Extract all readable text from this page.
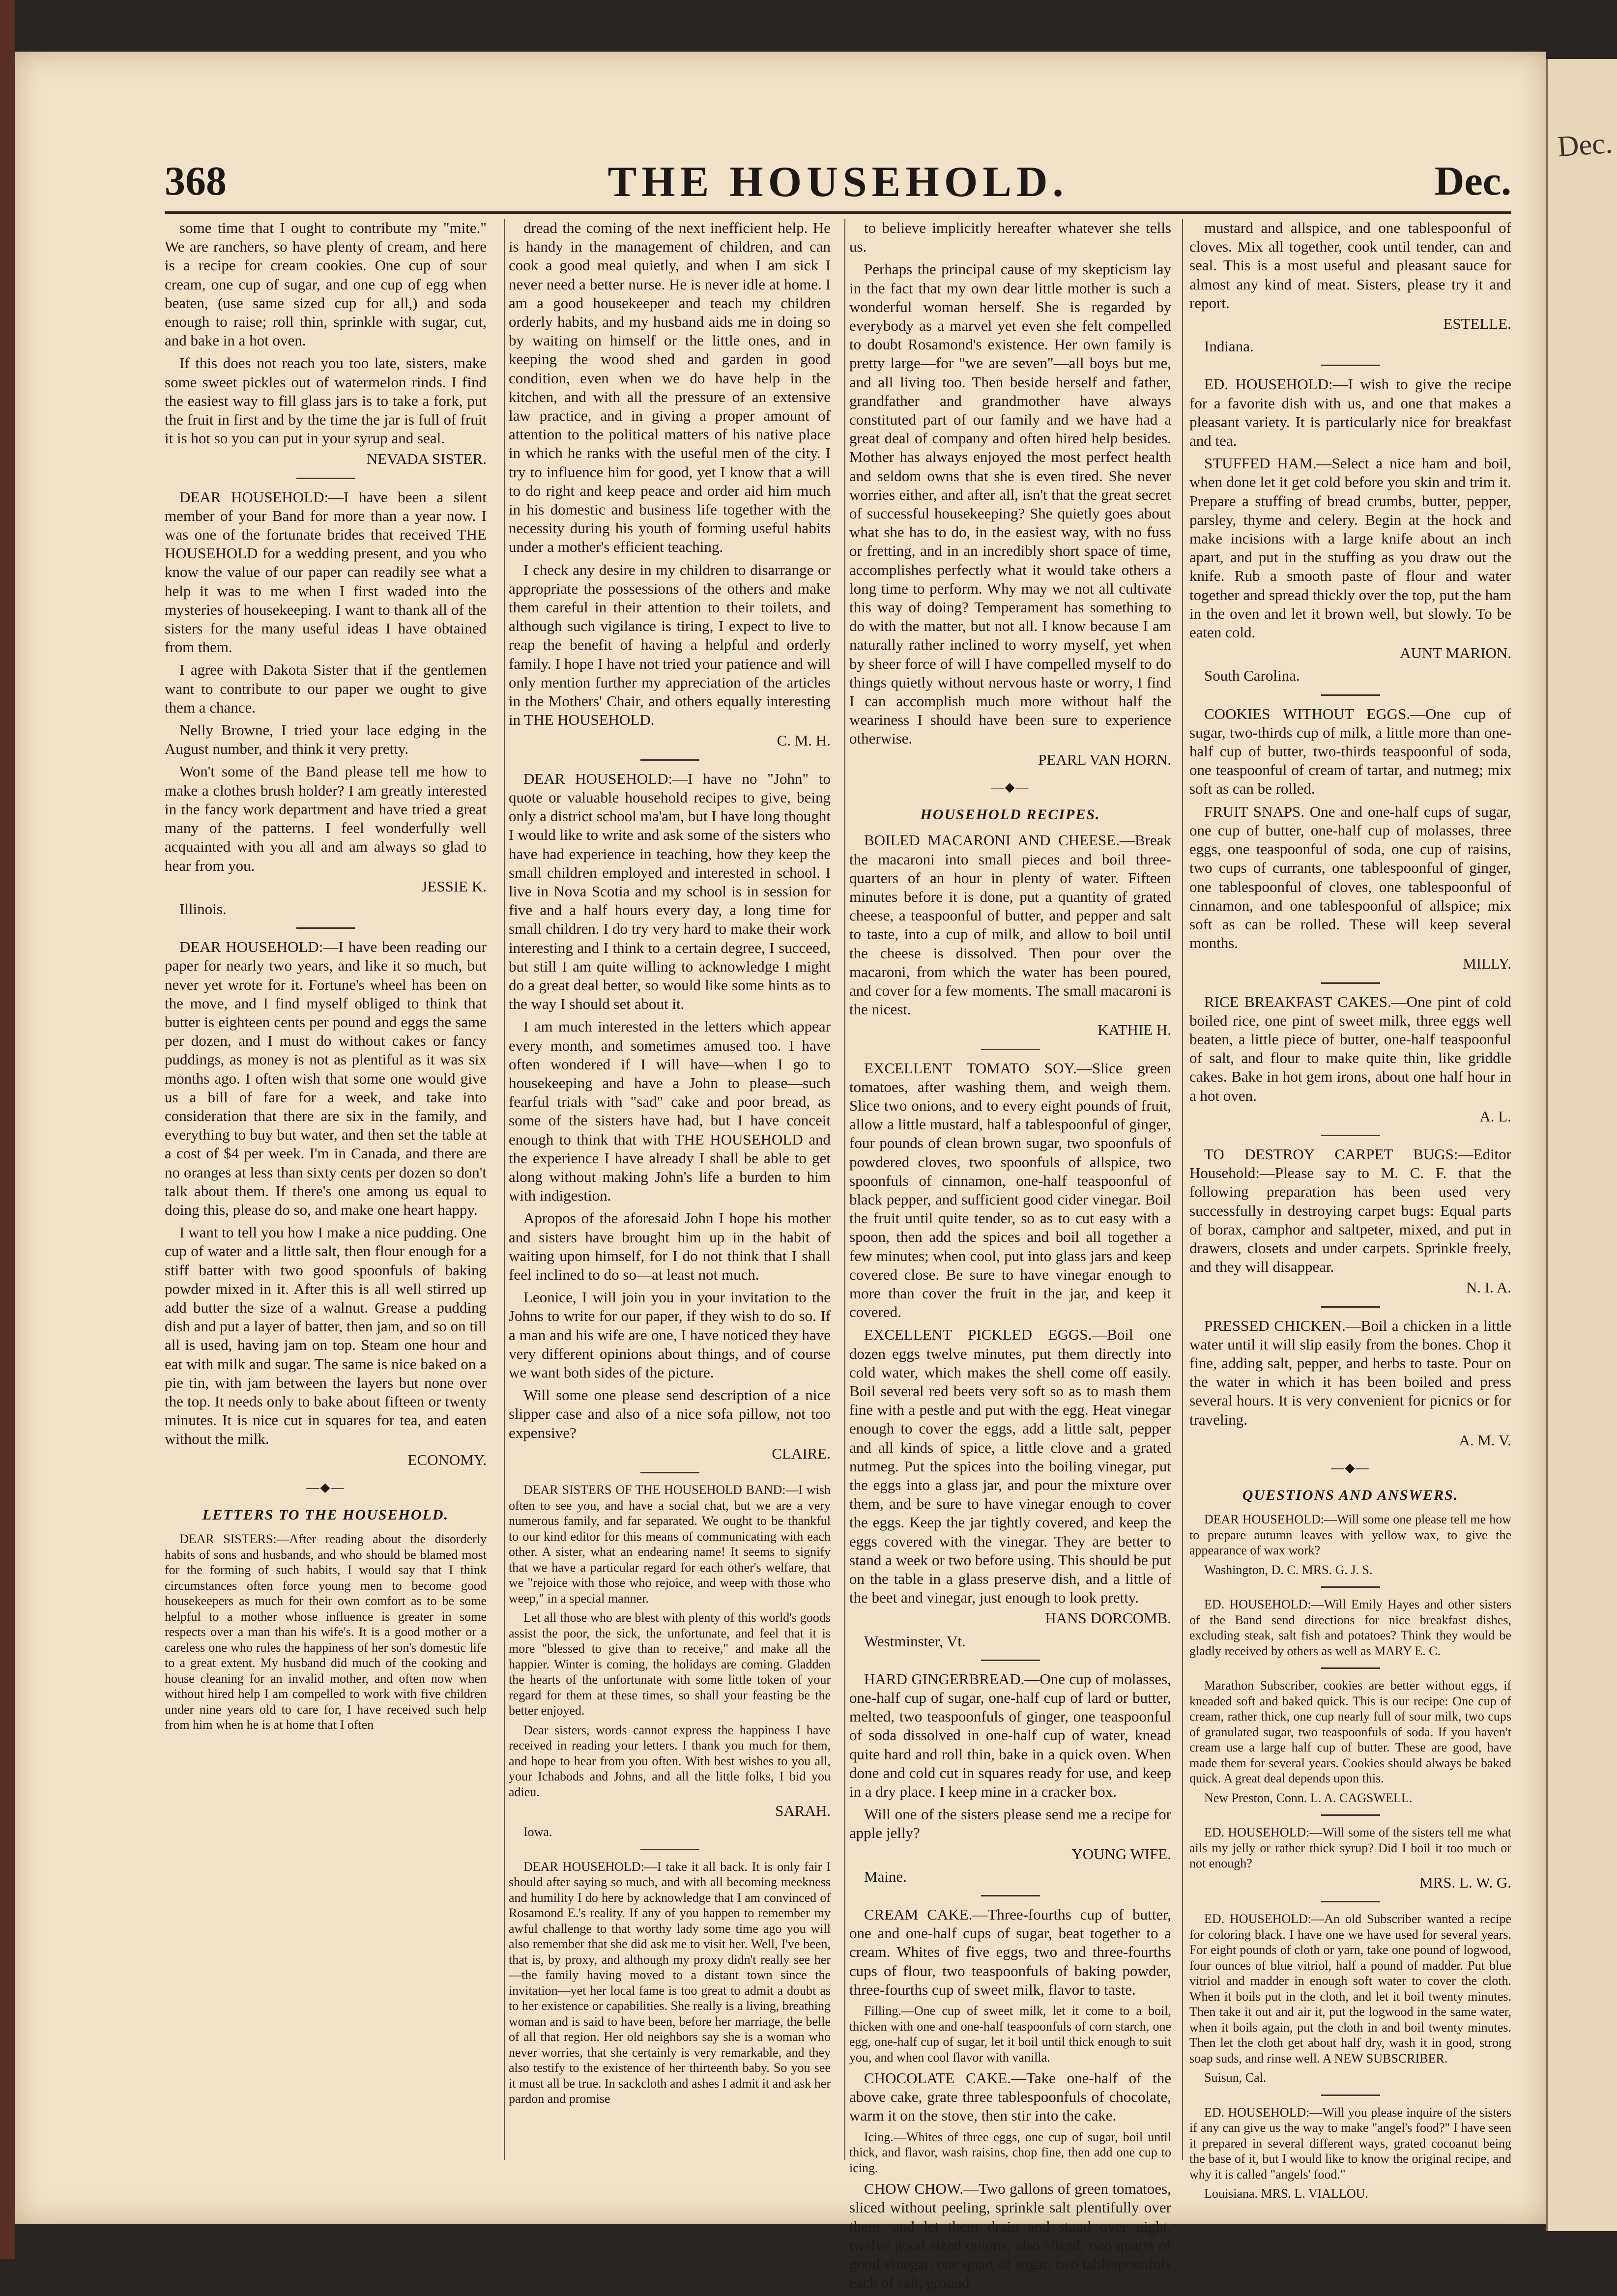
Dec.
368	THE HOUSEHOLD.	Dec.

some time that I ought to contribute my "mite." We are ranchers, so have plenty of cream, and here is a recipe for cream cookies. One cup of sour cream, one cup of sugar, and one cup of egg when beaten, (use same sized cup for all,) and soda enough to raise; roll thin, sprinkle with sugar, cut, and bake in a hot oven.

If this does not reach you too late, sisters, make some sweet pickles out of watermelon rinds. I find the easiest way to fill glass jars is to take a fork, put the fruit in first and by the time the jar is full of fruit it is hot so you can put in your syrup and seal.

NEVADA SISTER.

DEAR HOUSEHOLD:—I have been a silent member of your Band for more than a year now. I was one of the fortunate brides that received THE HOUSEHOLD for a wedding present, and you who know the value of our paper can readily see what a help it was to me when I first waded into the mysteries of housekeeping. I want to thank all of the sisters for the many useful ideas I have obtained from them.

I agree with Dakota Sister that if the gentlemen want to contribute to our paper we ought to give them a chance.

Nelly Browne, I tried your lace edging in the August number, and think it very pretty.

Won't some of the Band please tell me how to make a clothes brush holder? I am greatly interested in the fancy work department and have tried a great many of the patterns. I feel wonderfully well acquainted with you all and am always so glad to hear from you.

JESSIE K.

Illinois.

DEAR HOUSEHOLD:—I have been reading our paper for nearly two years, and like it so much, but never yet wrote for it. Fortune's wheel has been on the move, and I find myself obliged to think that butter is eighteen cents per pound and eggs the same per dozen, and I must do without cakes or fancy puddings, as money is not as plentiful as it was six months ago. I often wish that some one would give us a bill of fare for a week, and take into consideration that there are six in the family, and everything to buy but water, and then set the table at a cost of $4 per week. I'm in Canada, and there are no oranges at less than sixty cents per dozen so don't talk about them. If there's one among us equal to doing this, please do so, and make one heart happy.

I want to tell you how I make a nice pudding. One cup of water and a little salt, then flour enough for a stiff batter with two good spoonfuls of baking powder mixed in it. After this is all well stirred up add butter the size of a walnut. Grease a pudding dish and put a layer of batter, then jam, and so on till all is used, having jam on top. Steam one hour and eat with milk and sugar. The same is nice baked on a pie tin, with jam between the layers but none over the top. It needs only to bake about fifteen or twenty minutes. It is nice cut in squares for tea, and eaten without the milk.

ECONOMY.

—◆—
LETTERS TO THE HOUSEHOLD.

DEAR SISTERS:—After reading about the disorderly habits of sons and husbands, and who should be blamed most for the forming of such habits, I would say that I think circumstances often force young men to become good housekeepers as much for their own comfort as to be some helpful to a mother whose influence is greater in some respects over a man than his wife's. It is a good mother or a careless one who rules the happiness of her son's domestic life to a great extent. My husband did much of the cooking and house cleaning for an invalid mother, and often now when without hired help I am compelled to work with five children under nine years old to care for, I have received such help from him when he is at home that I often

dread the coming of the next inefficient help. He is handy in the management of children, and can cook a good meal quietly, and when I am sick I never need a better nurse. He is never idle at home. I am a good housekeeper and teach my children orderly habits, and my husband aids me in doing so by waiting on himself or the little ones, and in keeping the wood shed and garden in good condition, even when we do have help in the kitchen, and with all the pressure of an extensive law practice, and in giving a proper amount of attention to the political matters of his native place in which he ranks with the useful men of the city. I try to influence him for good, yet I know that a will to do right and keep peace and order aid him much in his domestic and business life together with the necessity during his youth of forming useful habits under a mother's efficient teaching.

I check any desire in my children to disarrange or appropriate the possessions of the others and make them careful in their attention to their toilets, and although such vigilance is tiring, I expect to live to reap the benefit of having a helpful and orderly family. I hope I have not tried your patience and will only mention further my appreciation of the articles in the Mothers' Chair, and others equally interesting in THE HOUSEHOLD.

C. M. H.

DEAR HOUSEHOLD:—I have no "John" to quote or valuable household recipes to give, being only a district school ma'am, but I have long thought I would like to write and ask some of the sisters who have had experience in teaching, how they keep the small children employed and interested in school. I live in Nova Scotia and my school is in session for five and a half hours every day, a long time for small children. I do try very hard to make their work interesting and I think to a certain degree, I succeed, but still I am quite willing to acknowledge I might do a great deal better, so would like some hints as to the way I should set about it.

I am much interested in the letters which appear every month, and sometimes amused too. I have often wondered if I will have—when I go to housekeeping and have a John to please—such fearful trials with "sad" cake and poor bread, as some of the sisters have had, but I have conceit enough to think that with THE HOUSEHOLD and the experience I have already I shall be able to get along without making John's life a burden to him with indigestion.

Apropos of the aforesaid John I hope his mother and sisters have brought him up in the habit of waiting upon himself, for I do not think that I shall feel inclined to do so—at least not much.

Leonice, I will join you in your invitation to the Johns to write for our paper, if they wish to do so. If a man and his wife are one, I have noticed they have very different opinions about things, and of course we want both sides of the picture.

Will some one please send description of a nice slipper case and also of a nice sofa pillow, not too expensive?

CLAIRE.

DEAR SISTERS OF THE HOUSEHOLD BAND:—I wish often to see you, and have a social chat, but we are a very numerous family, and far separated. We ought to be thankful to our kind editor for this means of communicating with each other. A sister, what an endearing name! It seems to signify that we have a particular regard for each other's welfare, that we "rejoice with those who rejoice, and weep with those who weep," in a special manner.

Let all those who are blest with plenty of this world's goods assist the poor, the sick, the unfortunate, and feel that it is more "blessed to give than to receive," and make all the happier. Winter is coming, the holidays are coming. Gladden the hearts of the unfortunate with some little token of your regard for them at these times, so shall your feasting be the better enjoyed.

Dear sisters, words cannot express the happiness I have received in reading your letters. I thank you much for them, and hope to hear from you often. With best wishes to you all, your Ichabods and Johns, and all the little folks, I bid you adieu.

SARAH.

Iowa.

DEAR HOUSEHOLD:—I take it all back. It is only fair I should after saying so much, and with all becoming meekness and humility I do here by acknowledge that I am convinced of Rosamond E.'s reality. If any of you happen to remember my awful challenge to that worthy lady some time ago you will also remember that she did ask me to visit her. Well, I've been, that is, by proxy, and although my proxy didn't really see her—the family having moved to a distant town since the invitation—yet her local fame is too great to admit a doubt as to her existence or capabilities. She really is a living, breathing woman and is said to have been, before her marriage, the belle of all that region. Her old neighbors say she is a woman who never worries, that she certainly is very remarkable, and they also testify to the existence of her thirteenth baby. So you see it must all be true. In sackcloth and ashes I admit it and ask her pardon and promise

to believe implicitly hereafter whatever she tells us.

Perhaps the principal cause of my skepticism lay in the fact that my own dear little mother is such a wonderful woman herself. She is regarded by everybody as a marvel yet even she felt compelled to doubt Rosamond's existence. Her own family is pretty large—for "we are seven"—all boys but me, and all living too. Then beside herself and father, grandfather and grandmother have always constituted part of our family and we have had a great deal of company and often hired help besides. Mother has always enjoyed the most perfect health and seldom owns that she is even tired. She never worries either, and after all, isn't that the great secret of successful housekeeping? She quietly goes about what she has to do, in the easiest way, with no fuss or fretting, and in an incredibly short space of time, accomplishes perfectly what it would take others a long time to perform. Why may we not all cultivate this way of doing? Temperament has something to do with the matter, but not all. I know because I am naturally rather inclined to worry myself, yet when by sheer force of will I have compelled myself to do things quietly without nervous haste or worry, I find I can accomplish much more without half the weariness I should have been sure to experience otherwise.

PEARL VAN HORN.

—◆—
HOUSEHOLD RECIPES.

BOILED MACARONI AND CHEESE.—Break the macaroni into small pieces and boil three-quarters of an hour in plenty of water. Fifteen minutes before it is done, put a quantity of grated cheese, a teaspoonful of butter, and pepper and salt to taste, into a cup of milk, and allow to boil until the cheese is dissolved. Then pour over the macaroni, from which the water has been poured, and cover for a few moments. The small macaroni is the nicest.

KATHIE H.

EXCELLENT TOMATO SOY.—Slice green tomatoes, after washing them, and weigh them. Slice two onions, and to every eight pounds of fruit, allow a little mustard, half a tablespoonful of ginger, four pounds of clean brown sugar, two spoonfuls of powdered cloves, two spoonfuls of allspice, two spoonfuls of cinnamon, one-half teaspoonful of black pepper, and sufficient good cider vinegar. Boil the fruit until quite tender, so as to cut easy with a spoon, then add the spices and boil all together a few minutes; when cool, put into glass jars and keep covered close. Be sure to have vinegar enough to more than cover the fruit in the jar, and keep it covered.

EXCELLENT PICKLED EGGS.—Boil one dozen eggs twelve minutes, put them directly into cold water, which makes the shell come off easily. Boil several red beets very soft so as to mash them fine with a pestle and put with the egg. Heat vinegar enough to cover the eggs, add a little salt, pepper and all kinds of spice, a little clove and a grated nutmeg. Put the spices into the boiling vinegar, put the eggs into a glass jar, and pour the mixture over them, and be sure to have vinegar enough to cover the eggs. Keep the jar tightly covered, and keep the eggs covered with the vinegar. They are better to stand a week or two before using. This should be put on the table in a glass preserve dish, and a little of the beet and vinegar, just enough to look pretty.

HANS DORCOMB.

Westminster, Vt.

HARD GINGERBREAD.—One cup of molasses, one-half cup of sugar, one-half cup of lard or butter, melted, two teaspoonfuls of ginger, one teaspoonful of soda dissolved in one-half cup of water, knead quite hard and roll thin, bake in a quick oven. When done and cold cut in squares ready for use, and keep in a dry place. I keep mine in a cracker box.

Will one of the sisters please send me a recipe for apple jelly?

YOUNG WIFE.

Maine.

CREAM CAKE.—Three-fourths cup of butter, one and one-half cups of sugar, beat together to a cream. Whites of five eggs, two and three-fourths cups of flour, two teaspoonfuls of baking powder, three-fourths cup of sweet milk, flavor to taste.

Filling.—One cup of sweet milk, let it come to a boil, thicken with one and one-half teaspoonfuls of corn starch, one egg, one-half cup of sugar, let it boil until thick enough to suit you, and when cool flavor with vanilla.

CHOCOLATE CAKE.—Take one-half of the above cake, grate three tablespoonfuls of chocolate, warm it on the stove, then stir into the cake.

Icing.—Whites of three eggs, one cup of sugar, boil until thick, and flavor, wash raisins, chop fine, then add one cup to icing.

CHOW CHOW.—Two gallons of green tomatoes, sliced without peeling, sprinkle salt plentifully over them, and let them drain and stand over night, twelve good sized onions, also sliced, two quarts of good vinegar, one quart of sugar, two tablespoonfuls each of salt, ground

mustard and allspice, and one tablespoonful of cloves. Mix all together, cook until tender, can and seal. This is a most useful and pleasant sauce for almost any kind of meat. Sisters, please try it and report.

ESTELLE.

Indiana.

ED. HOUSEHOLD:—I wish to give the recipe for a favorite dish with us, and one that makes a pleasant variety. It is particularly nice for breakfast and tea.

STUFFED HAM.—Select a nice ham and boil, when done let it get cold before you skin and trim it. Prepare a stuffing of bread crumbs, butter, pepper, parsley, thyme and celery. Begin at the hock and make incisions with a large knife about an inch apart, and put in the stuffing as you draw out the knife. Rub a smooth paste of flour and water together and spread thickly over the top, put the ham in the oven and let it brown well, but slowly. To be eaten cold.

AUNT MARION.

South Carolina.

COOKIES WITHOUT EGGS.—One cup of sugar, two-thirds cup of milk, a little more than one-half cup of butter, two-thirds teaspoonful of soda, one teaspoonful of cream of tartar, and nutmeg; mix soft as can be rolled.

FRUIT SNAPS. One and one-half cups of sugar, one cup of butter, one-half cup of molasses, three eggs, one teaspoonful of soda, one cup of raisins, two cups of currants, one tablespoonful of ginger, one tablespoonful of cloves, one tablespoonful of cinnamon, and one tablespoonful of allspice; mix soft as can be rolled. These will keep several months.

MILLY.

RICE BREAKFAST CAKES.—One pint of cold boiled rice, one pint of sweet milk, three eggs well beaten, a little piece of butter, one-half teaspoonful of salt, and flour to make quite thin, like griddle cakes. Bake in hot gem irons, about one half hour in a hot oven.

A. L.

TO DESTROY CARPET BUGS:—Editor Household:—Please say to M. C. F. that the following preparation has been used very successfully in destroying carpet bugs: Equal parts of borax, camphor and saltpeter, mixed, and put in drawers, closets and under carpets. Sprinkle freely, and they will disappear.

N. I. A.

PRESSED CHICKEN.—Boil a chicken in a little water until it will slip easily from the bones. Chop it fine, adding salt, pepper, and herbs to taste. Pour on the water in which it has been boiled and press several hours. It is very convenient for picnics or for traveling.

A. M. V.

—◆—
QUESTIONS AND ANSWERS.

DEAR HOUSEHOLD:—Will some one please tell me how to prepare autumn leaves with yellow wax, to give the appearance of wax work?

Washington, D. C. MRS. G. J. S.

ED. HOUSEHOLD:—Will Emily Hayes and other sisters of the Band send directions for nice breakfast dishes, excluding steak, salt fish and potatoes? Think they would be gladly received by others as well as MARY E. C.

Marathon Subscriber, cookies are better without eggs, if kneaded soft and baked quick. This is our recipe: One cup of cream, rather thick, one cup nearly full of sour milk, two cups of granulated sugar, two teaspoonfuls of soda. If you haven't cream use a large half cup of butter. These are good, have made them for several years. Cookies should always be baked quick. A great deal depends upon this.

New Preston, Conn. L. A. CAGSWELL.

ED. HOUSEHOLD:—Will some of the sisters tell me what ails my jelly or rather thick syrup? Did I boil it too much or not enough?

MRS. L. W. G.

ED. HOUSEHOLD:—An old Subscriber wanted a recipe for coloring black. I have one we have used for several years. For eight pounds of cloth or yarn, take one pound of logwood, four ounces of blue vitriol, half a pound of madder. Put blue vitriol and madder in enough soft water to cover the cloth. When it boils put in the cloth, and let it boil twenty minutes. Then take it out and air it, put the logwood in the same water, when it boils again, put the cloth in and boil twenty minutes. Then let the cloth get about half dry, wash it in good, strong soap suds, and rinse well. A NEW SUBSCRIBER.

Suisun, Cal.

ED. HOUSEHOLD:—Will you please inquire of the sisters if any can give us the way to make "angel's food?" I have seen it prepared in several different ways, grated cocoanut being the base of it, but I would like to know the original recipe, and why it is called "angels' food."

Louisiana. MRS. L. VIALLOU.
